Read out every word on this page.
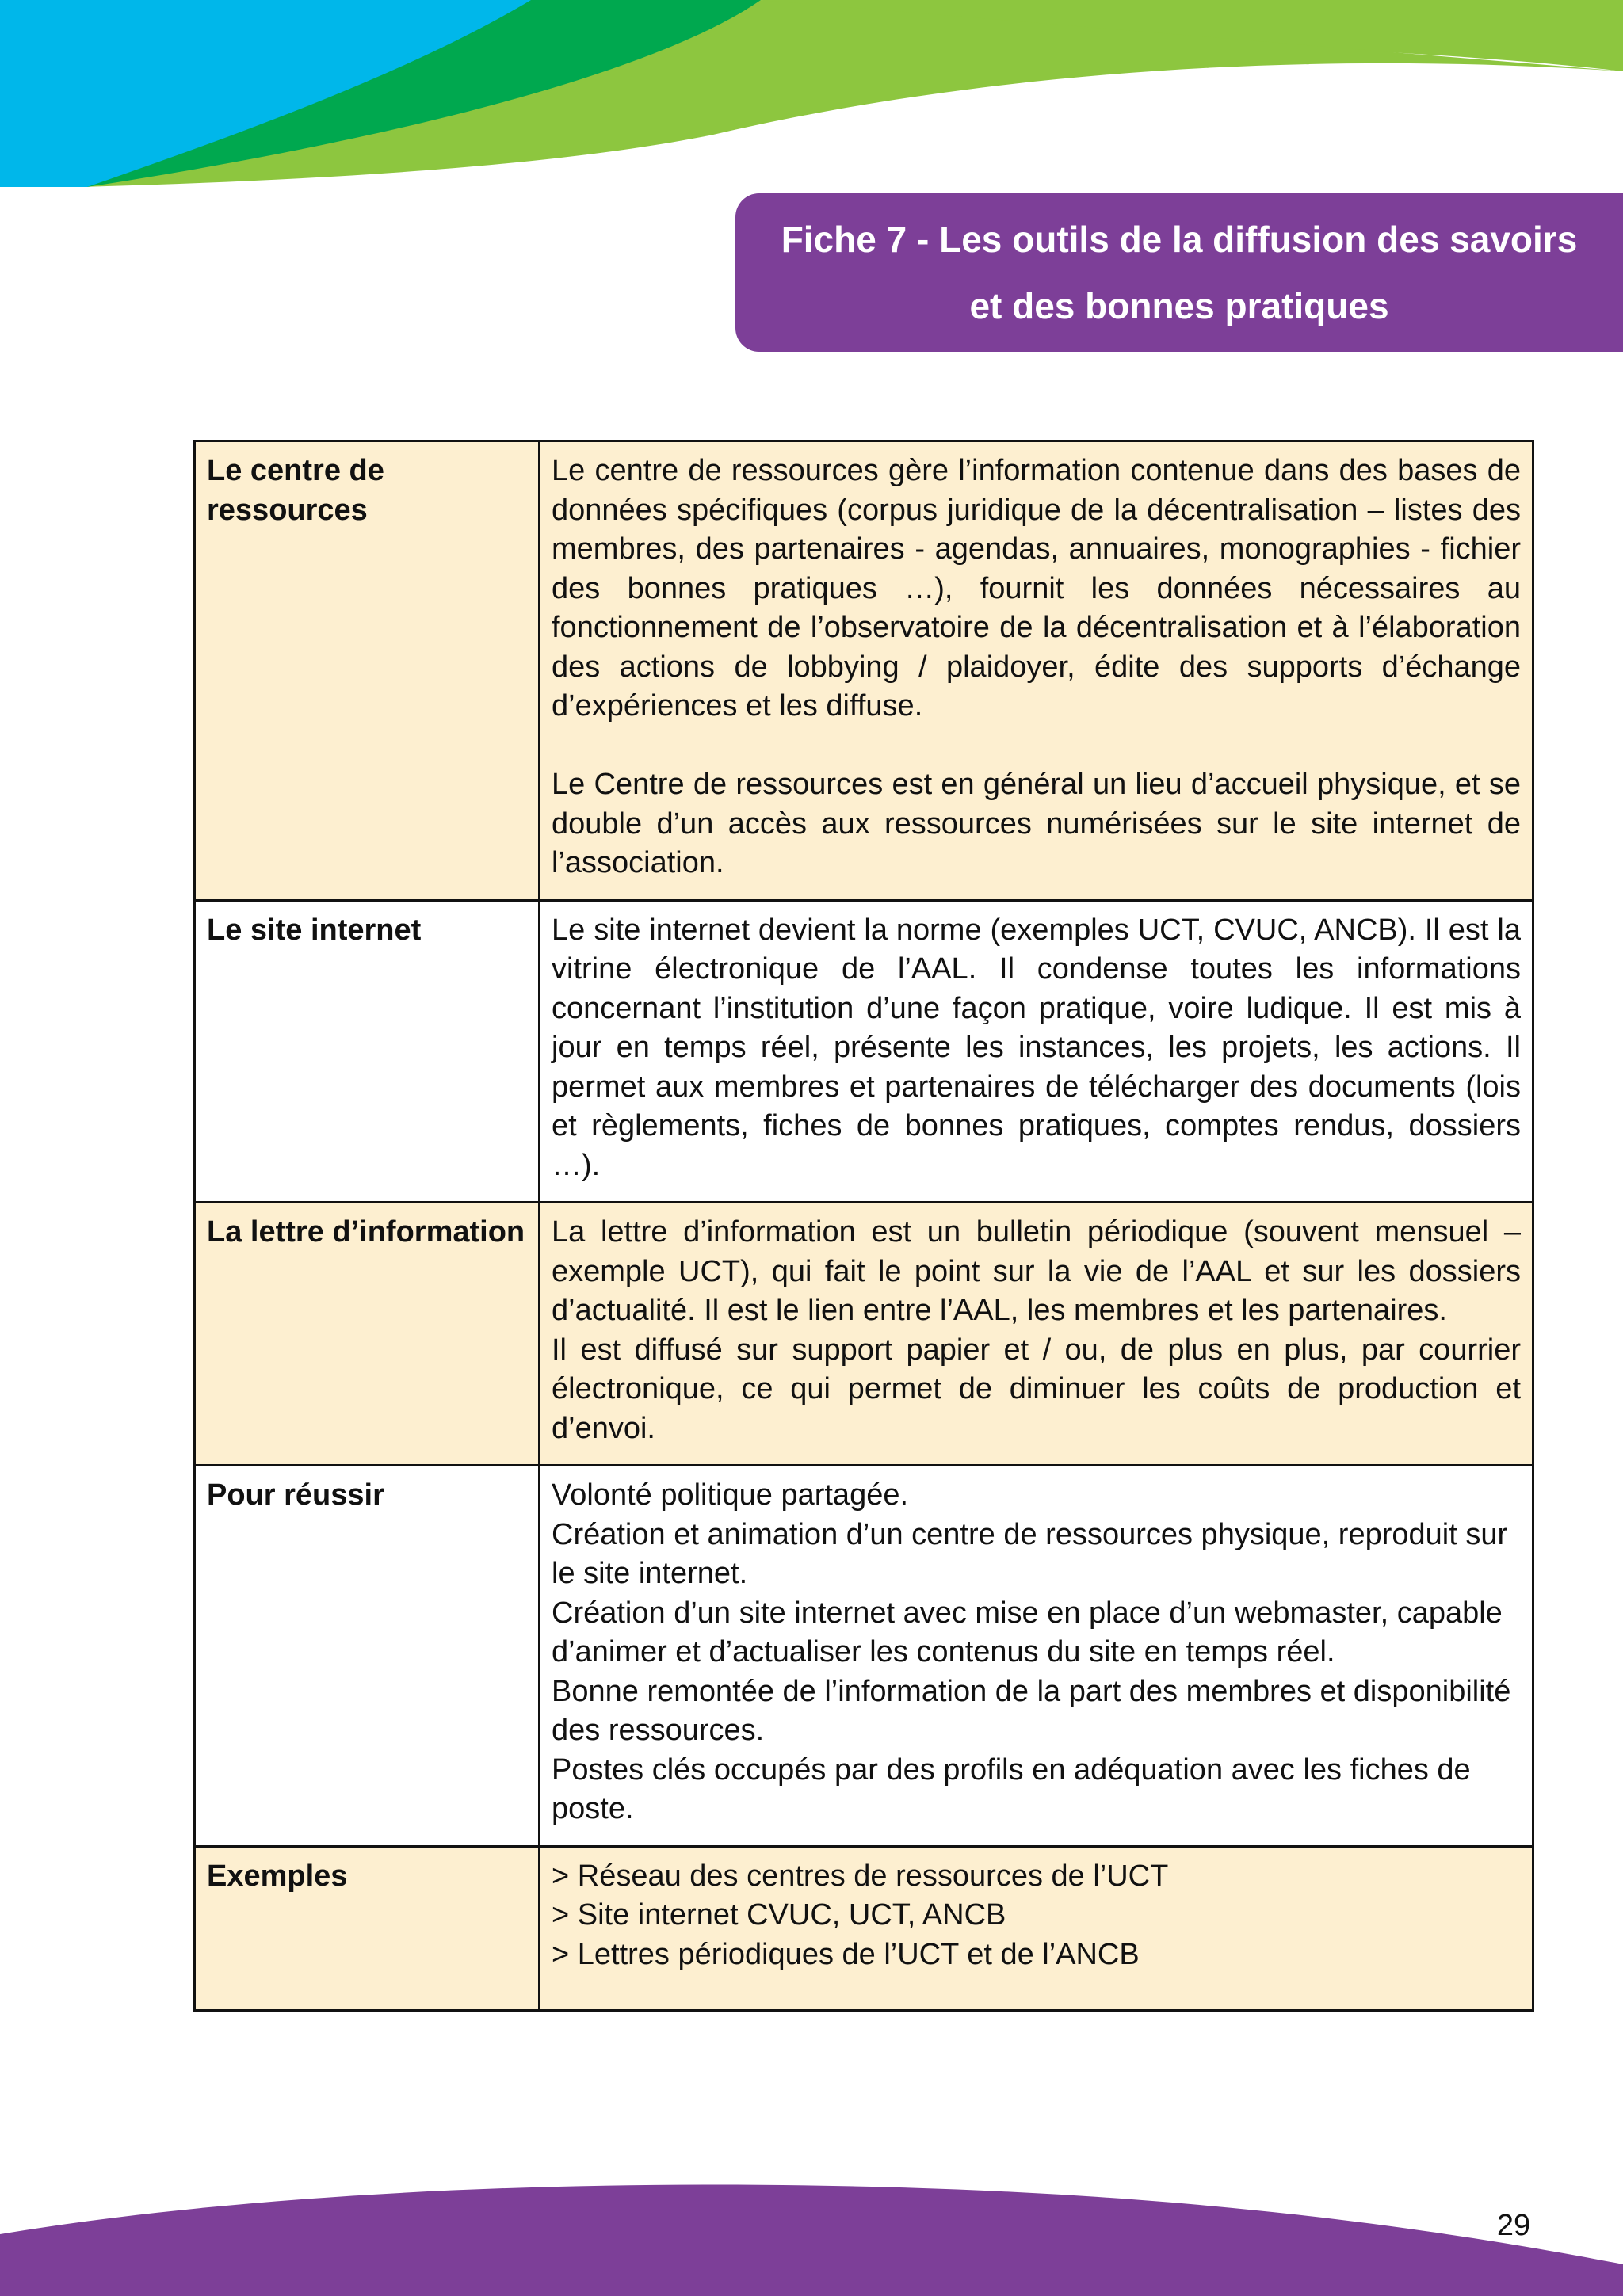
Fiche 7 - Les outils de la diffusion des savoirs
et des bonnes pratiques
Le centre de ressources	Le centre de ressources gère l’information contenue dans des bases de données spécifiques (corpus juridique de la décentralisation – listes des membres, des partenaires - agendas, annuaires, monographies - fichier des bonnes pratiques …), fournit les données nécessaires au fonctionnement de l’observatoire de la décentralisation et à l’élaboration des actions de lobbying / plaidoyer, édite des supports d’échange d’expériences et les diffuse.

Le Centre de ressources est en général un lieu d’accueil physique, et se double d’un accès aux ressources numérisées sur le site internet de l’association.

Le site internet	Le site internet devient la norme (exemples UCT, CVUC, ANCB). Il est la vitrine électronique de l’AAL. Il condense toutes les informations concernant l’institution d’une façon pratique, voire ludique. Il est mis à jour en temps réel, présente les instances, les projets, les actions. Il permet aux membres et partenaires de télécharger des documents (lois et règlements, fiches de bonnes pratiques, comptes rendus, dossiers …).

La lettre d’information	La lettre d’information est un bulletin périodique (souvent mensuel – exemple UCT), qui fait le point sur la vie de l’AAL et sur les dossiers d’actualité. Il est le lien entre l’AAL, les membres et les partenaires.

Il est diffusé sur support papier et / ou, de plus en plus, par courrier électronique, ce qui permet de diminuer les coûts de production et d’envoi.

Pour réussir	Volonté politique partagée.
Création et animation d’un centre de ressources physique, reproduit sur le site internet.
Création d’un site internet avec mise en place d’un webmaster, capable d’animer et d’actualiser les contenus du site en temps réel.
Bonne remontée de l’information de la part des membres et disponibilité des ressources.
Postes clés occupés par des profils en adéquation avec les fiches de poste.

Exemples	> Réseau des centres de ressources de l’UCT
> Site internet CVUC, UCT, ANCB
> Lettres périodiques de l’UCT et de l’ANCB
29
